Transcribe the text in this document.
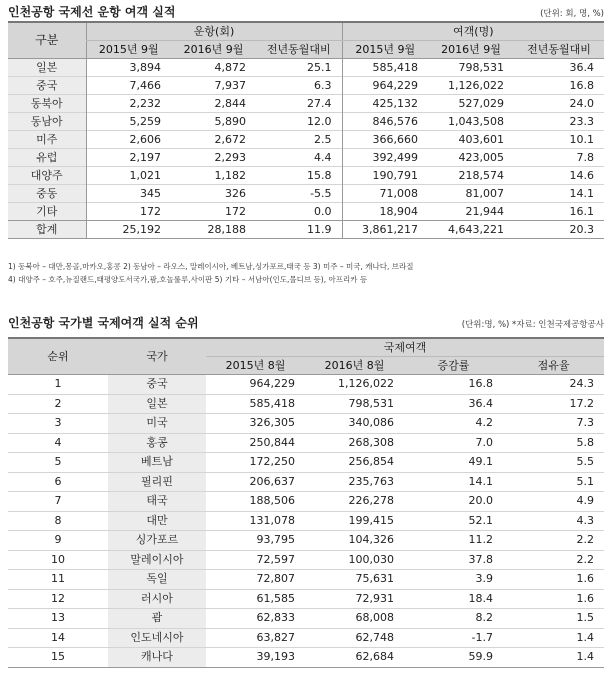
인천공항 국제선 운항 여객 실적	(단위: 회, 명, %)
구분	운항(회)			여객(명)		
	2015년 9월	2016년 9월	전년동월대비	2015년 9월	2016년 9월	전년동월대비
일본	3,894	4,872	25.1	585,418	798,531	36.4
중국	7,466	7,937	6.3	964,229	1,126,022	16.8
동북아	2,232	2,844	27.4	425,132	527,029	24.0
동남아	5,259	5,890	12.0	846,576	1,043,508	23.3
미주	2,606	2,672	2.5	366,660	403,601	10.1
유럽	2,197	2,293	4.4	392,499	423,005	7.8
대양주	1,021	1,182	15.8	190,791	218,574	14.6
중동	345	326	-5.5	71,008	81,007	14.1
기타	172	172	0.0	18,904	21,944	16.1
합계	25,192	28,188	11.9	3,861,217	4,643,221	20.3
1) 동북아 – 대만,몽골,마카오,홍콩 2) 동남아 – 라오스, 말레이시아, 베트남,싱가포르,태국 등 3) 미주 – 미국, 캐나다, 브라질
4) 대양주 – 호주,뉴질랜드,태평양도서국가,괌,호놀룰루,사이판 5) 기타 – 서남아(인도,몰디브 등), 아프리카 등
인천공항 국가별 국제여객 실적 순위	(단위:명, %) *자료: 인천국제공항공사
순위	국가	국제여객			
		2015년 8월	2016년 8월	증감률	점유율
1	중국	964,229	1,126,022	16.8	24.3
2	일본	585,418	798,531	36.4	17.2
3	미국	326,305	340,086	4.2	7.3
4	홍콩	250,844	268,308	7.0	5.8
5	베트남	172,250	256,854	49.1	5.5
6	필리핀	206,637	235,763	14.1	5.1
7	태국	188,506	226,278	20.0	4.9
8	대만	131,078	199,415	52.1	4.3
9	싱가포르	93,795	104,326	11.2	2.2
10	말레이시아	72,597	100,030	37.8	2.2
11	독일	72,807	75,631	3.9	1.6
12	러시아	61,585	72,931	18.4	1.6
13	괌	62,833	68,008	8.2	1.5
14	인도네시아	63,827	62,748	-1.7	1.4
15	캐나다	39,193	62,684	59.9	1.4
